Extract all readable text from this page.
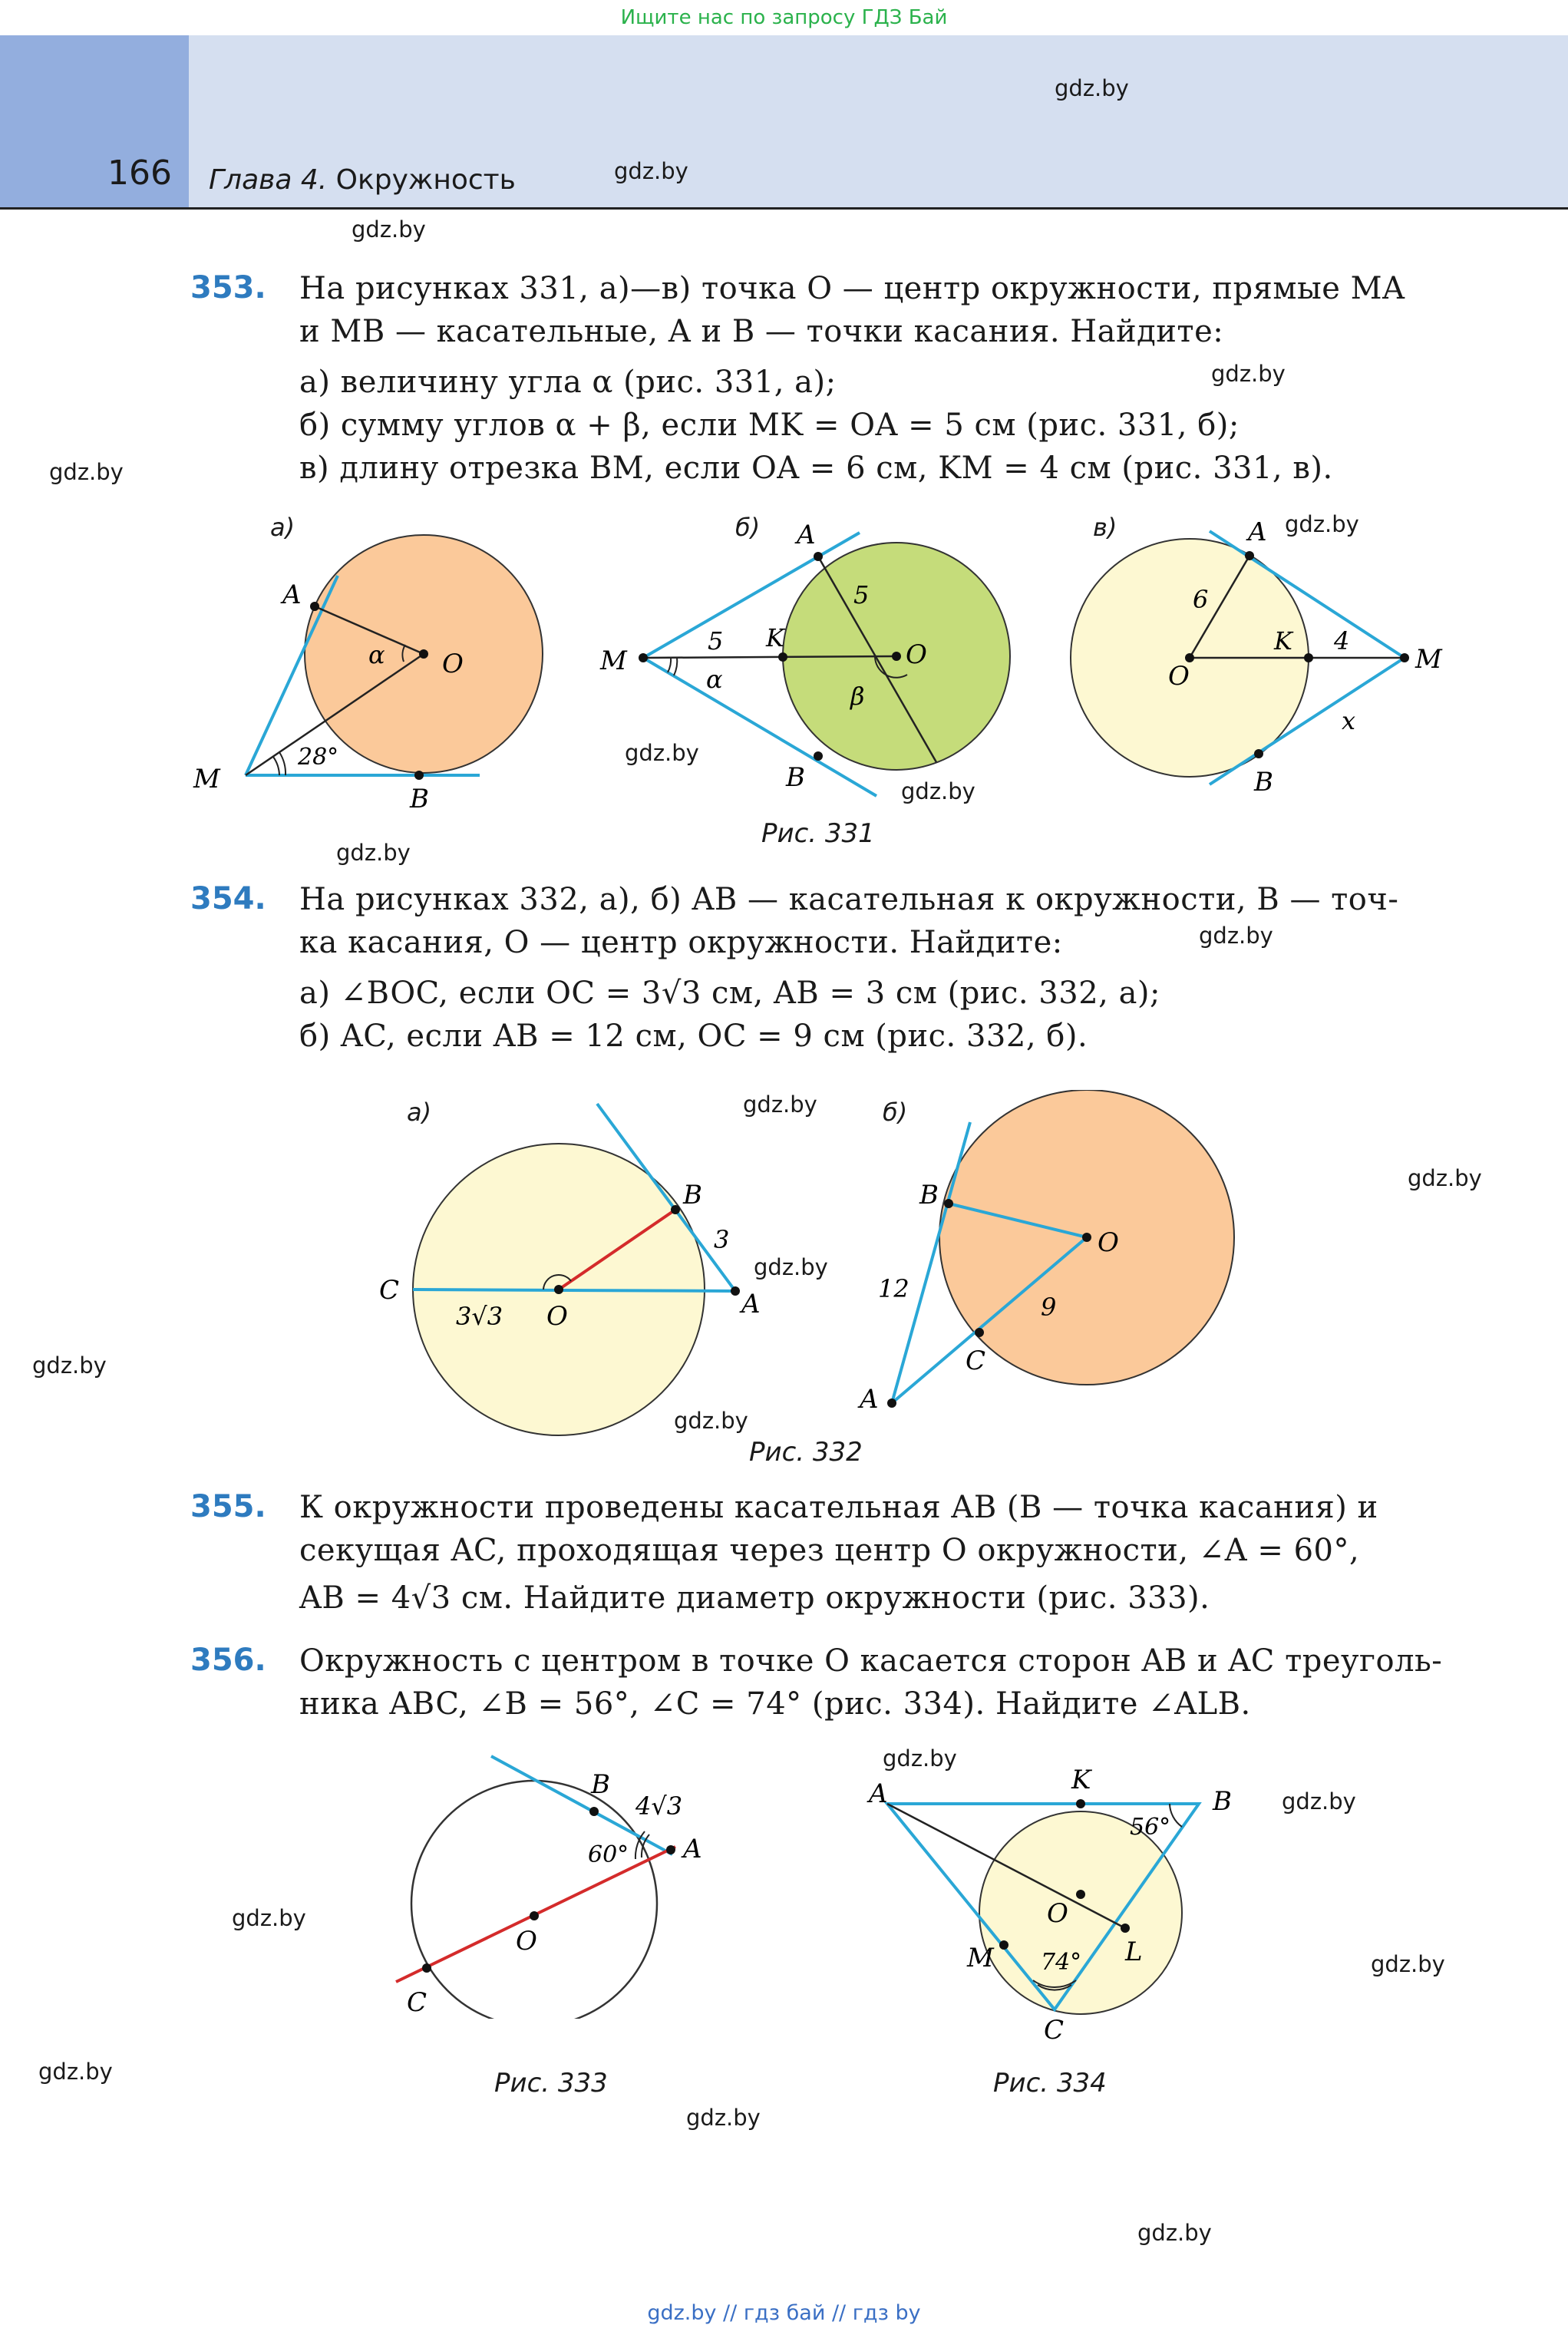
Ищите нас по запросу ГДЗ Бай
166 Глава 4. Окружность
gdz.by
gdz.by
gdz.by
gdz.by
gdz.by
gdz.by
gdz.by
gdz.by
gdz.by
gdz.by
gdz.by
gdz.by
gdz.by
gdz.by
gdz.by
gdz.by
gdz.by
gdz.by
gdz.by
gdz.by
gdz.by
gdz.by
353. На рисунках 331, а)—в) точка O — центр окружности, прямые MA
и MB — касательные, A и B — точки касания. Найдите:
а) величину угла α (рис. 331, а);
б) сумму углов α + β, если MK = OA = 5 см (рис. 331, б);
в) длину отрезка BM, если OA = 6 см, KM = 4 см (рис. 331, в).
а)	б)	в)
A
O
M
B
α
28°
A
O
M
B
K
5
5
α
β
A
O
M
B
K
6
4
x
Рис. 331
354. На рисунках 332, а), б) AB — касательная к окружности, B — точ-
ка касания, O — центр окружности. Найдите:
а) ∠BOC, если OC = 3√3 см, AB = 3 см (рис. 332, а);
б) AC, если AB = 12 см, OC = 9 см (рис. 332, б).
а)	б)
B
C
O	A
3
3√3
B
O
C
A
12
9
Рис. 332
355. К окружности проведены касательная AB (B — точка касания) и
секущая AC, проходящая через центр O окружности, ∠A = 60°,
AB = 4√3 см. Найдите диаметр окружности (рис. 333).
356. Окружность с центром в точке O касается сторон AB и AC треуголь-
ника ABC, ∠B = 56°, ∠C = 74° (рис. 334). Найдите ∠ALB.
B
A
O
C
4√3
60°
Рис. 333
A	K
B
O
L
M
C
56°
74°
Рис. 334
gdz.by // гдз бай // гдз by
